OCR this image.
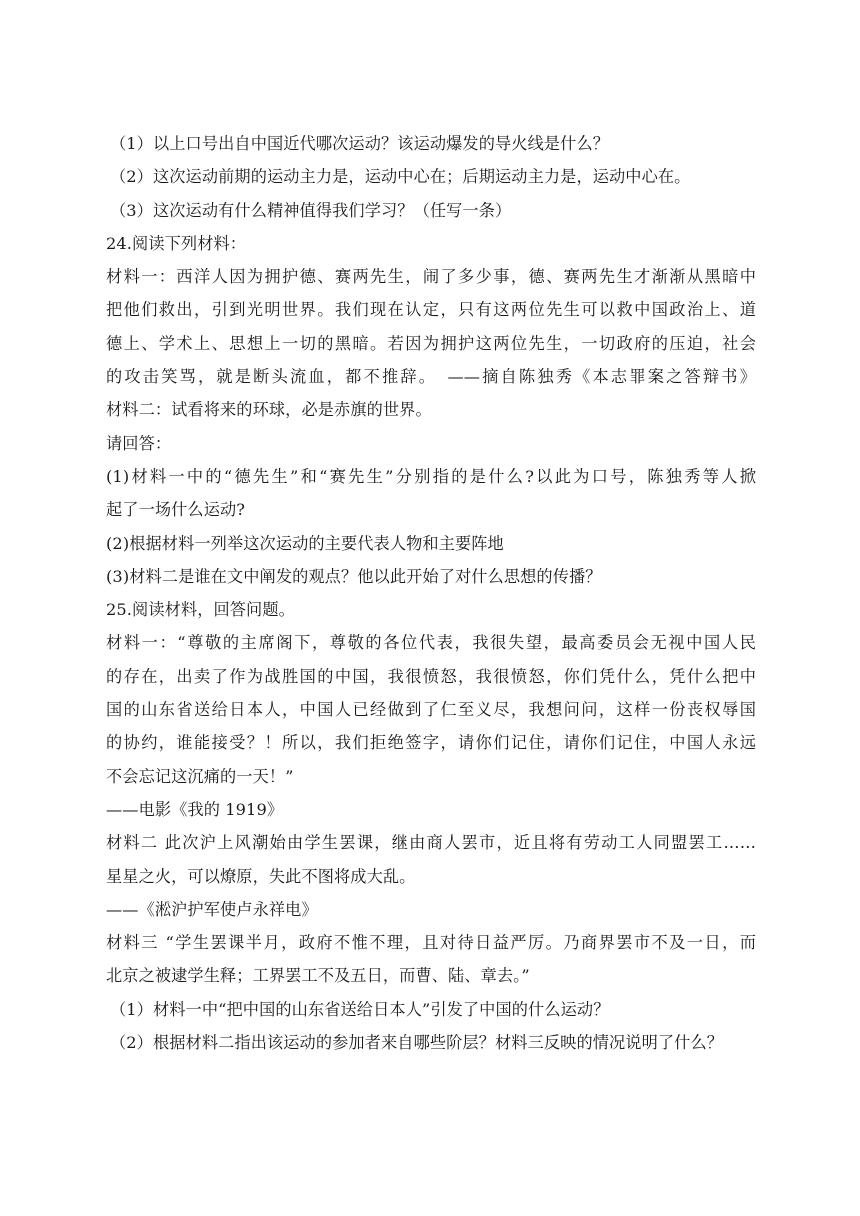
（1）以上口号出自中国近代哪次运动？该运动爆发的导火线是什么？
（2）这次运动前期的运动主力是，运动中心在；后期运动主力是，运动中心在。
（3）这次运动有什么精神值得我们学习？（任写一条）
24.阅读下列材料：
材料一：西洋人因为拥护德、赛两先生，闹了多少事，德、赛两先生才渐渐从黑暗中
把他们救出，引到光明世界。我们现在认定，只有这两位先生可以救中国政治上、道
德上、学术上、思想上一切的黑暗。若因为拥护这两位先生，一切政府的压迫，社会
的攻击笑骂，就是断头流血，都不推辞。　——摘自陈独秀《本志罪案之答辩书》
材料二：试看将来的环球，必是赤旗的世界。
请回答：
(1)材料一中的“德先生”和“赛先生”分别指的是什么?以此为口号，陈独秀等人掀
起了一场什么运动?
(2)根据材料一列举这次运动的主要代表人物和主要阵地
(3)材料二是谁在文中阐发的观点？他以此开始了对什么思想的传播？
25.阅读材料，回答问题。
材料一：“尊敬的主席阁下，尊敬的各位代表，我很失望，最高委员会无视中国人民
的存在，出卖了作为战胜国的中国，我很愤怒，我很愤怒，你们凭什么，凭什么把中
国的山东省送给日本人，中国人已经做到了仁至义尽，我想问问，这样一份丧权辱国
的协约，谁能接受？！所以，我们拒绝签字，请你们记住，请你们记住，中国人永远
不会忘记这沉痛的一天！”
——电影《我的 1919》
材料二 此次沪上风潮始由学生罢课，继由商人罢市，近且将有劳动工人同盟罢工……
星星之火，可以燎原，失此不图将成大乱。
——《淞沪护军使卢永祥电》
材料三 “学生罢课半月，政府不惟不理，且对待日益严厉。乃商界罢市不及一日，而
北京之被逮学生释；工界罢工不及五日，而曹、陆、章去。”
（1）材料一中“把中国的山东省送给日本人”引发了中国的什么运动？
（2）根据材料二指出该运动的参加者来自哪些阶层？材料三反映的情况说明了什么？
